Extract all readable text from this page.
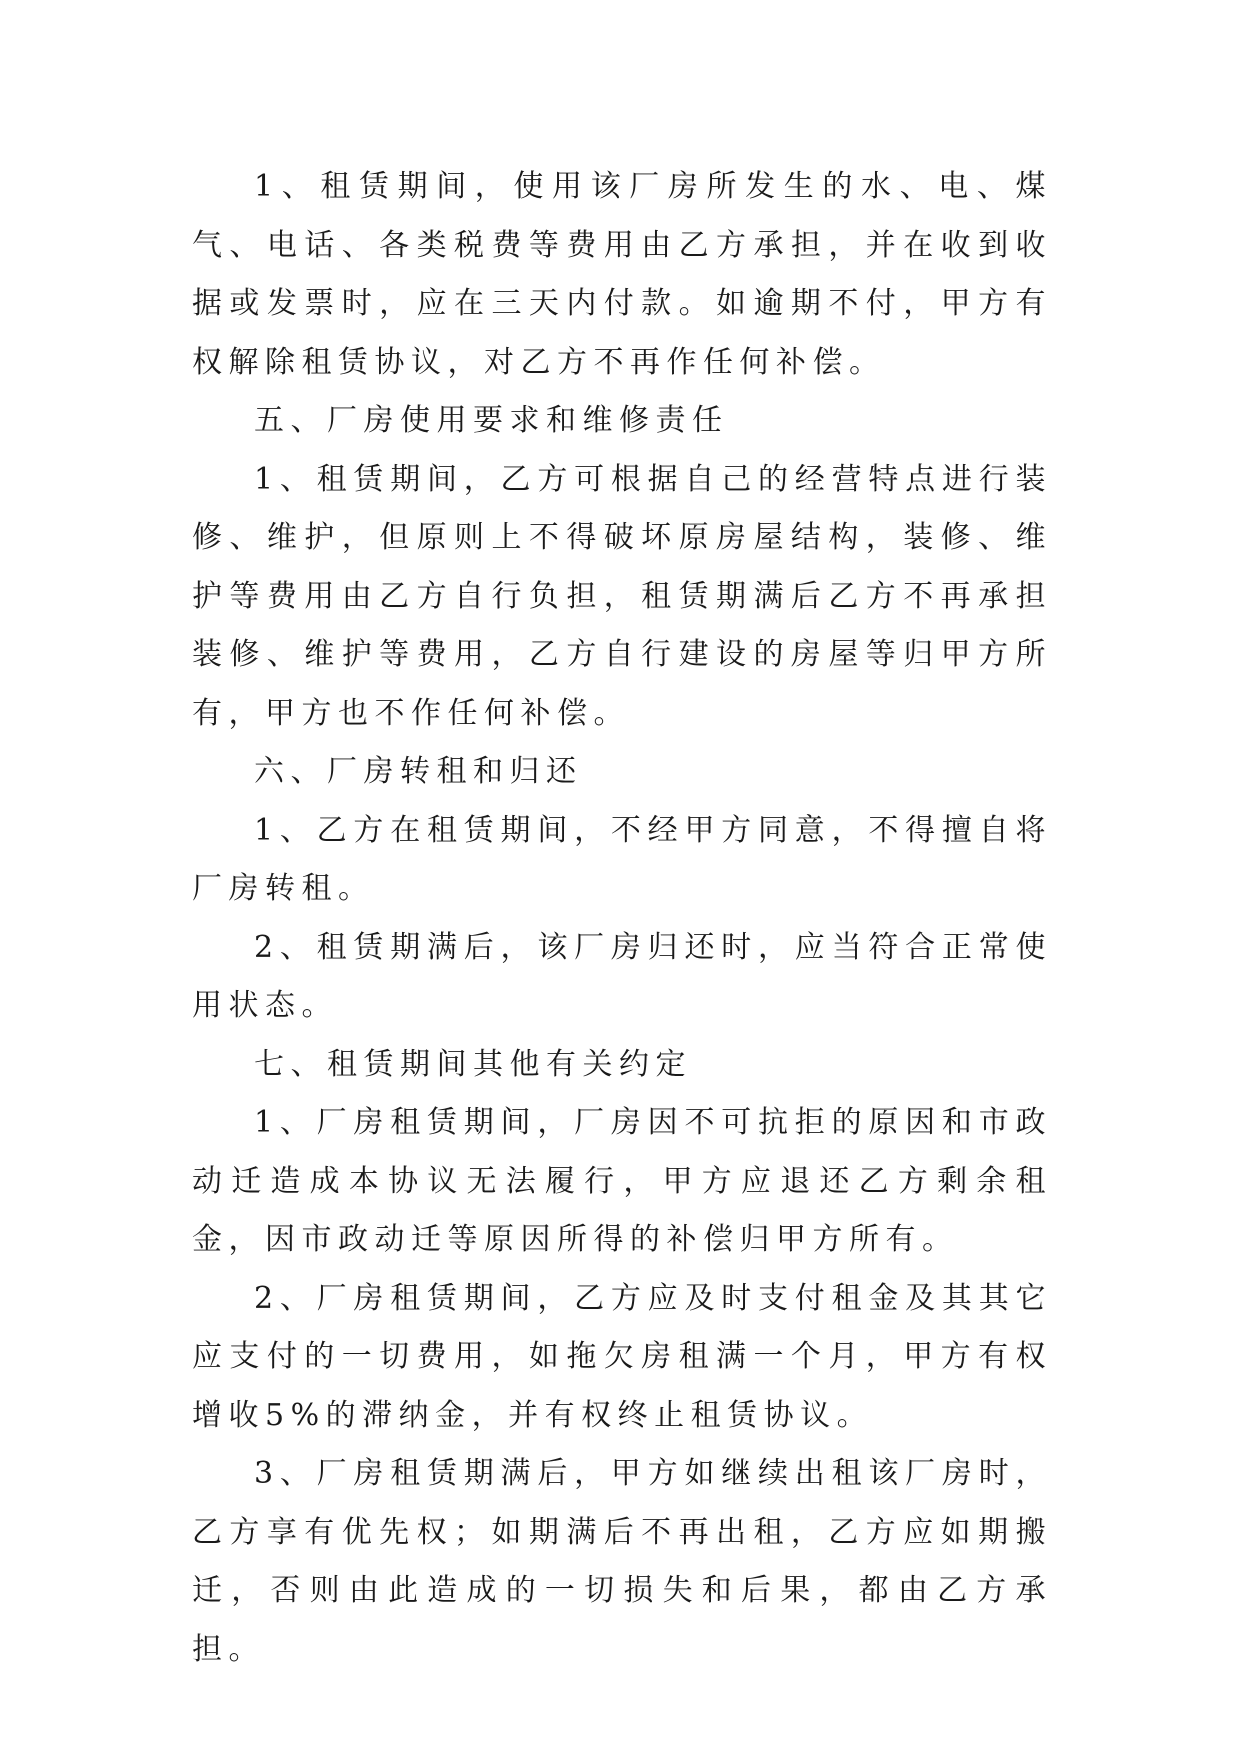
1、租赁期间，使用该厂房所发生的水、电、煤气、电话、各类税费等费用由乙方承担，并在收到收据或发票时，应在三天内付款。如逾期不付，甲方有权解除租赁协议，对乙方不再作任何补偿。

五、厂房使用要求和维修责任

1、租赁期间，乙方可根据自己的经营特点进行装修、维护，但原则上不得破坏原房屋结构，装修、维护等费用由乙方自行负担，租赁期满后乙方不再承担装修、维护等费用，乙方自行建设的房屋等归甲方所有，甲方也不作任何补偿。

六、厂房转租和归还

1、乙方在租赁期间，不经甲方同意，不得擅自将厂房转租。

2、租赁期满后，该厂房归还时，应当符合正常使用状态。

七、租赁期间其他有关约定

1、厂房租赁期间，厂房因不可抗拒的原因和市政动迁造成本协议无法履行，甲方应退还乙方剩余租金，因市政动迁等原因所得的补偿归甲方所有。

2、厂房租赁期间，乙方应及时支付租金及其其它应支付的一切费用，如拖欠房租满一个月，甲方有权增收5%的滞纳金，并有权终止租赁协议。

3、厂房租赁期满后，甲方如继续出租该厂房时，乙方享有优先权；如期满后不再出租，乙方应如期搬迁，否则由此造成的一切损失和后果，都由乙方承担。
